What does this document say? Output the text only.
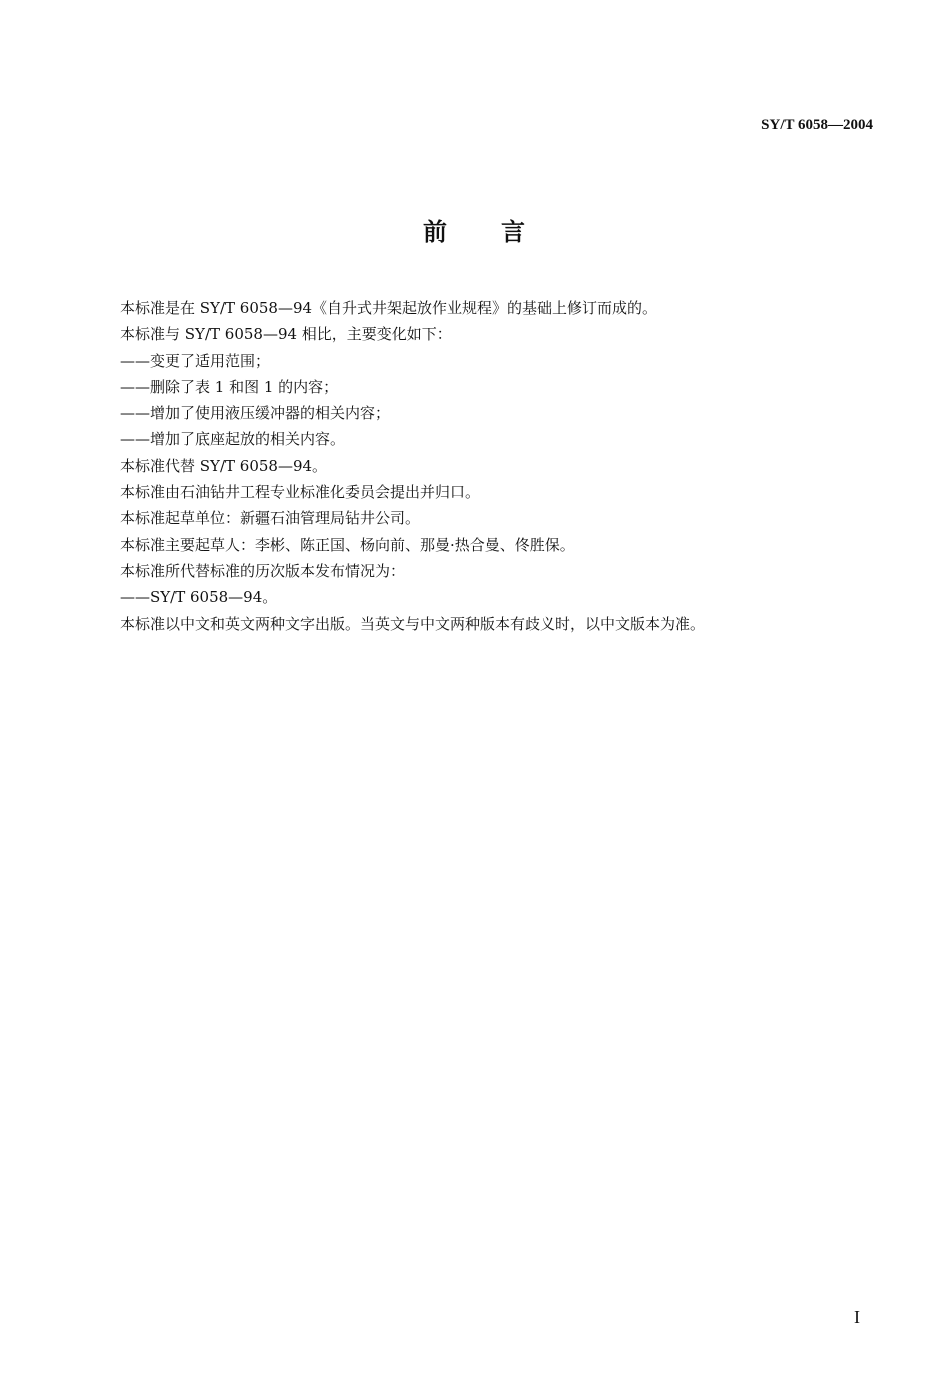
SY/T 6058—2004
前　　言
本标准是在 SY/T 6058—94《自升式井架起放作业规程》的基础上修订而成的。
本标准与 SY/T 6058—94 相比，主要变化如下：
——变更了适用范围；
——删除了表 1 和图 1 的内容；
——增加了使用液压缓冲器的相关内容；
——增加了底座起放的相关内容。
本标准代替 SY/T 6058—94。
本标准由石油钻井工程专业标准化委员会提出并归口。
本标准起草单位：新疆石油管理局钻井公司。
本标准主要起草人：李彬、陈正国、杨向前、那曼·热合曼、佟胜保。
本标准所代替标准的历次版本发布情况为：
——SY/T 6058—94。
本标准以中文和英文两种文字出版。当英文与中文两种版本有歧义时，以中文版本为准。
I
